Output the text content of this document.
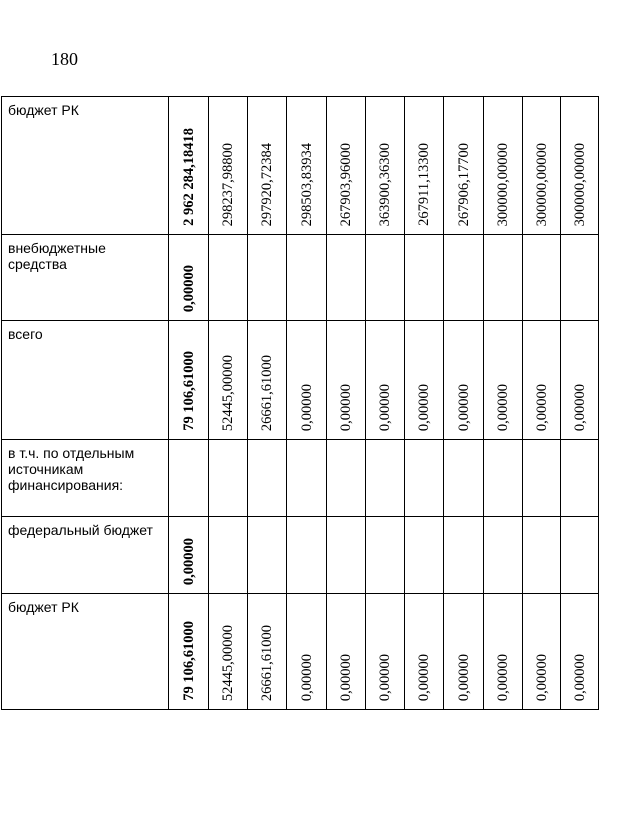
180
бюджет РК	2 962 284,18418	298237,98800	297920,72384	298503,83934	267903,96000	363900,36300	267911,13300	267906,17700	300000,00000	300000,00000	300000,00000

внебюджетные средства	0,00000										

всего	79 106,61000	52445,00000	26661,61000	0,00000	0,00000	0,00000	0,00000	0,00000	0,00000	0,00000	0,00000

в т.ч. по отдельным источникам финансирования:	

федеральный бюджет	0,00000										

бюджет РК	79 106,61000	52445,00000	26661,61000	0,00000	0,00000	0,00000	0,00000	0,00000	0,00000	0,00000	0,00000
